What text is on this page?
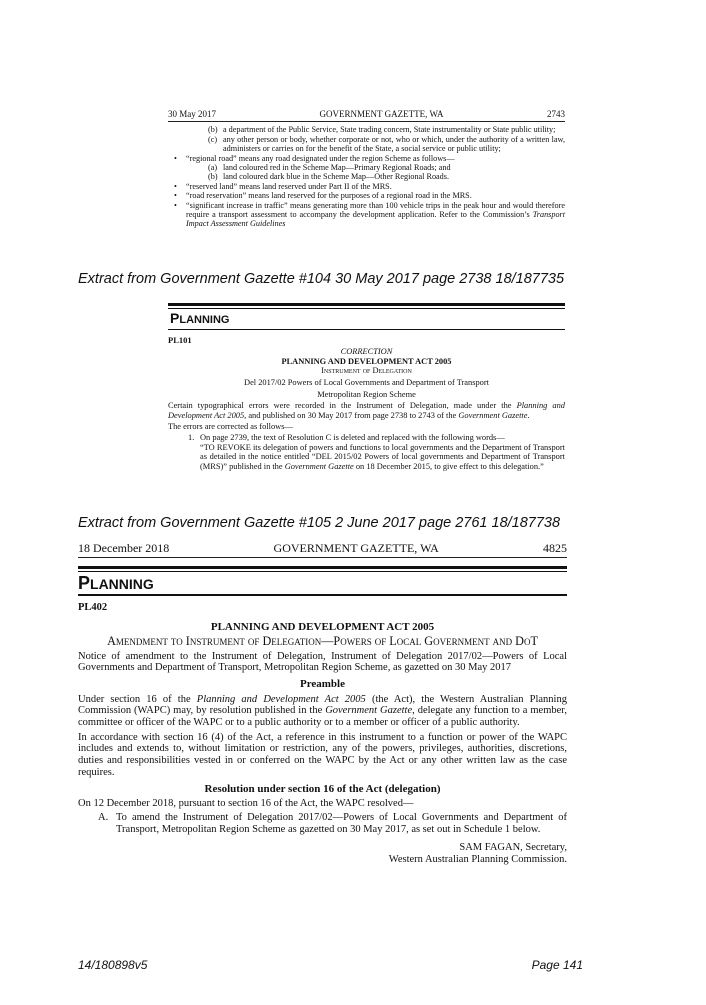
30 May 2017	GOVERNMENT GAZETTE, WA	2743
(b) a department of the Public Service, State trading concern, State instrumentality or State public utility;
(c) any other person or body, whether corporate or not, who or which, under the authority of a written law, administers or carries on for the benefit of the State, a social service or public utility;
•	“regional road” means any road designated under the region Scheme as follows—
(a) land coloured red in the Scheme Map—Primary Regional Roads; and
(b) land coloured dark blue in the Scheme Map—Other Regional Roads.
•	“reserved land” means land reserved under Part II of the MRS.
•	“road reservation” means land reserved for the purposes of a regional road in the MRS.
•	“significant increase in traffic” means generating more than 100 vehicle trips in the peak hour and would therefore require a transport assessment to accompany the development application. Refer to the Commission’s Transport Impact Assessment Guidelines
Extract from Government Gazette #104 30 May 2017 page 2738 18/187735
PLANNING
PL101
CORRECTION
PLANNING AND DEVELOPMENT ACT 2005
Instrument of Delegation
Del 2017/02 Powers of Local Governments and Department of Transport
Metropolitan Region Scheme

Certain typographical errors were recorded in the Instrument of Delegation, made under the Planning and Development Act 2005, and published on 30 May 2017 from page 2738 to 2743 of the Government Gazette.

The errors are corrected as follows—

1. On page 2739, the text of Resolution C is deleted and replaced with the following words—

“TO REVOKE its delegation of powers and functions to local governments and the Department of Transport as detailed in the notice entitled “DEL 2015/02 Powers of local governments and Department of Transport (MRS)” published in the Government Gazette on 18 December 2015, to give effect to this delegation.”

Extract from Government Gazette #105 2 June 2017 page 2761 18/187738
18 December 2018	GOVERNMENT GAZETTE, WA	4825
PLANNING
PL402
PLANNING AND DEVELOPMENT ACT 2005
Amendment to Instrument of Delegation—Powers of Local Government and DoT

Notice of amendment to the Instrument of Delegation, Instrument of Delegation 2017/02—Powers of Local Governments and Department of Transport, Metropolitan Region Scheme, as gazetted on 30 May 2017

Preamble

Under section 16 of the Planning and Development Act 2005 (the Act), the Western Australian Planning Commission (WAPC) may, by resolution published in the Government Gazette, delegate any function to a member, committee or officer of the WAPC or to a public authority or to a member or officer of a public authority.

In accordance with section 16 (4) of the Act, a reference in this instrument to a function or power of the WAPC includes and extends to, without limitation or restriction, any of the powers, privileges, authorities, discretions, duties and responsibilities vested in or conferred on the WAPC by the Act or any other written law as the case requires.

Resolution under section 16 of the Act (delegation)

On 12 December 2018, pursuant to section 16 of the Act, the WAPC resolved—

A. To amend the Instrument of Delegation 2017/02—Powers of Local Governments and Department of Transport, Metropolitan Region Scheme as gazetted on 30 May 2017, as set out in Schedule 1 below.
SAM FAGAN, Secretary,
Western Australian Planning Commission.
14/180898v5	Page 141
